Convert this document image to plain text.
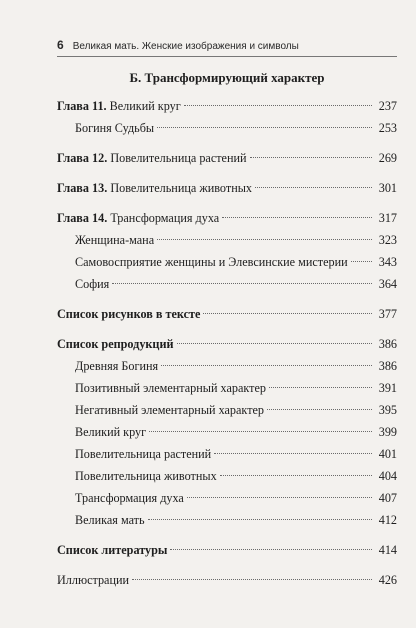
6 Великая мать. Женские изображения и символы
Б. Трансформирующий характер
Глава 11. Великий круг	237
Богиня Судьбы	253
Глава 12. Повелительница растений	269
Глава 13. Повелительница животных	301
Глава 14. Трансформация духа	317
Женщина-мана	323
Самовосприятие женщины и Элевсинские мистерии	343
София	364
Список рисунков в тексте	377
Список репродукций	386
Древняя Богиня	386
Позитивный элементарный характер	391
Негативный элементарный характер	395
Великий круг	399
Повелительница растений	401
Повелительница животных	404
Трансформация духа	407
Великая мать	412
Список литературы	414
Иллюстрации	426
